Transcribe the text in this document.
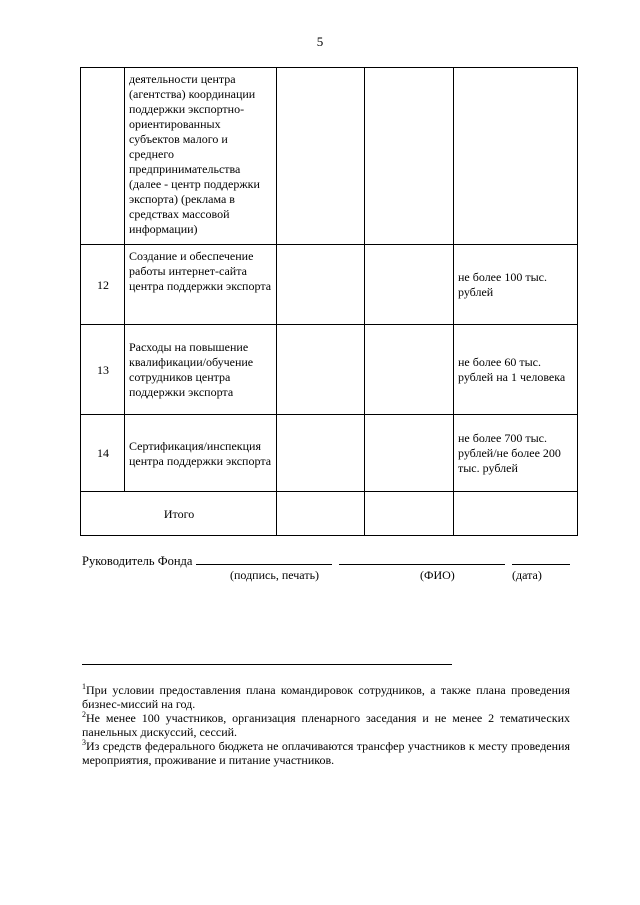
5
	деятельности центра (агентства) координации поддержки экспортно-ориентированных субъектов малого и среднего предпринимательства (далее - центр поддержки экспорта) (реклама в средствах массовой информации)			
12	Создание и обеспечение работы интернет-сайта центра поддержки экспорта			не более 100 тыс. рублей
13	Расходы на повышение квалификации/обучение сотрудников центра поддержки экспорта			не более 60 тыс. рублей на 1 человека
14	Сертификация/инспекция центра поддержки экспорта			не более 700 тыс. рублей/не более 200 тыс. рублей
Итого				
Руководитель Фонда
(подпись, печать)	(ФИО)	(дата)

$^1$При условии предоставления плана командировок сотрудников, а также плана проведения бизнес-миссий на год.

$^2$Не менее 100 участников, организация пленарного заседания и не менее 2 тематических панельных дискуссий, сессий.

$^3$Из средств федерального бюджета не оплачиваются трансфер участников к месту проведения мероприятия, проживание и питание участников.
